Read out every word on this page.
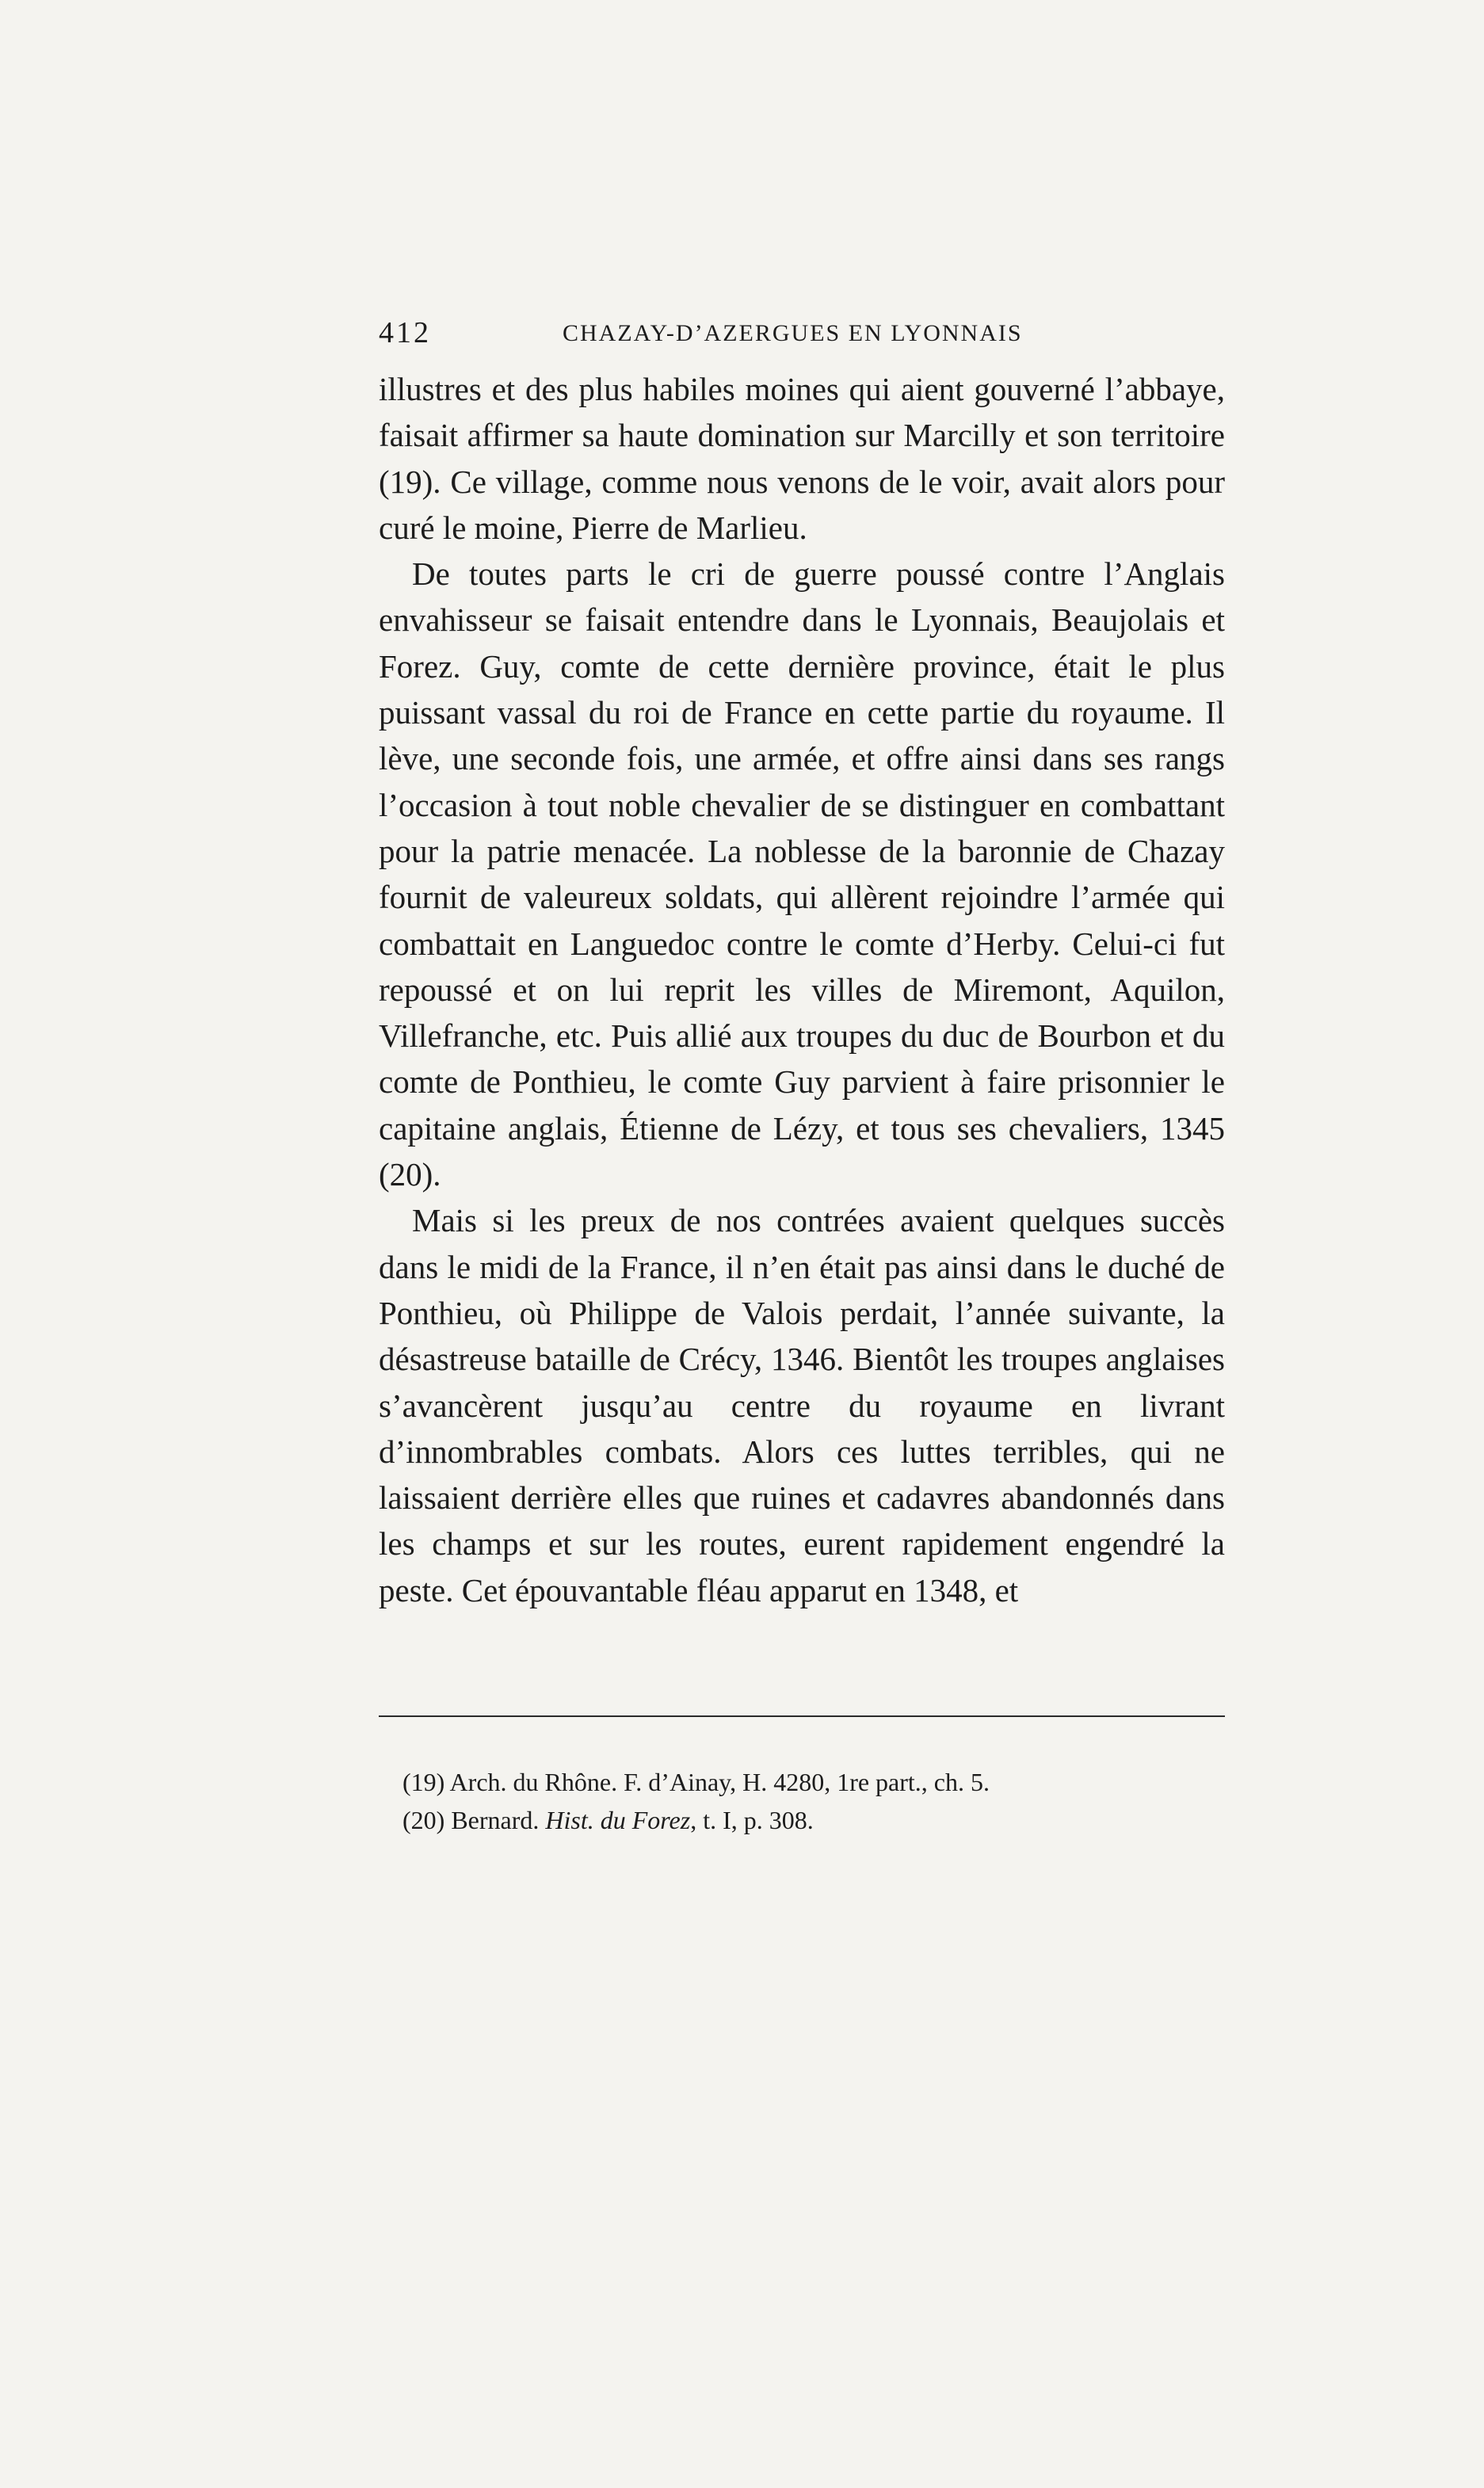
412	CHAZAY-D’AZERGUES EN LYONNAIS

illustres et des plus habiles moines qui aient gouverné l’abbaye, faisait affirmer sa haute domination sur Marcilly et son territoire (19). Ce village, comme nous venons de le voir, avait alors pour curé le moine, Pierre de Marlieu.

De toutes parts le cri de guerre poussé contre l’Anglais envahisseur se faisait entendre dans le Lyonnais, Beaujolais et Forez. Guy, comte de cette dernière province, était le plus puissant vassal du roi de France en cette partie du royaume. Il lève, une seconde fois, une armée, et offre ainsi dans ses rangs l’occasion à tout noble chevalier de se distinguer en combattant pour la patrie menacée. La noblesse de la baronnie de Chazay fournit de valeureux soldats, qui allèrent rejoindre l’armée qui combattait en Languedoc contre le comte d’Herby. Celui-ci fut repoussé et on lui reprit les villes de Miremont, Aquilon, Villefranche, etc. Puis allié aux troupes du duc de Bourbon et du comte de Ponthieu, le comte Guy parvient à faire prisonnier le capitaine anglais, Étienne de Lézy, et tous ses chevaliers, 1345 (20).

Mais si les preux de nos contrées avaient quelques succès dans le midi de la France, il n’en était pas ainsi dans le duché de Ponthieu, où Philippe de Valois perdait, l’année suivante, la désastreuse bataille de Crécy, 1346. Bientôt les troupes anglaises s’avancèrent jusqu’au centre du royaume en livrant d’innombrables combats. Alors ces luttes terribles, qui ne laissaient derrière elles que ruines et cadavres abandonnés dans les champs et sur les routes, eurent rapidement engendré la peste. Cet épouvantable fléau apparut en 1348, et

(19) Arch. du Rhône. F. d’Ainay, H. 4280, 1re part., ch. 5.
(20) Bernard. Hist. du Forez, t. I, p. 308.
